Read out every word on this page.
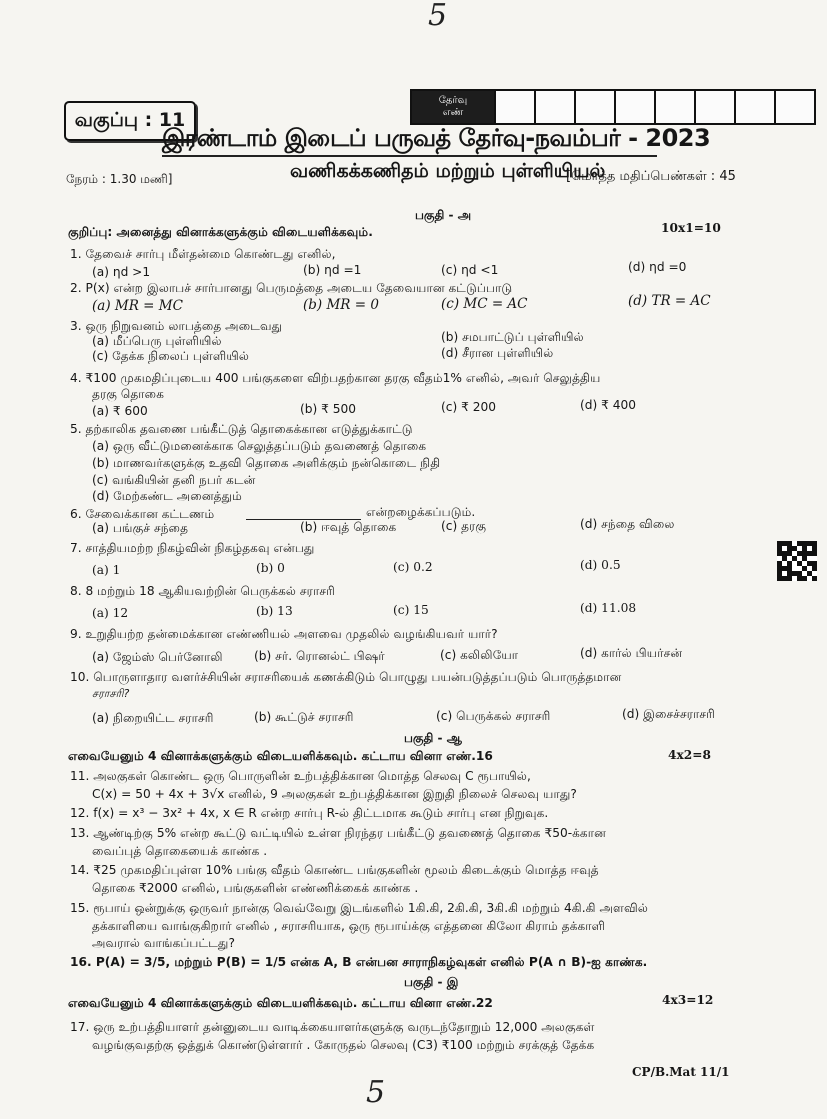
5
வகுப்பு : 11
தேர்வு
எண்
இரண்டாம் இடைப் பருவத் தேர்வு-நவம்பர் - 2023
நேரம் : 1.30 மணி]	வணிகக்கணிதம் மற்றும் புள்ளியியல்
[மொத்த மதிப்பெண்கள் : 45
பகுதி - அ
குறிப்பு: அனைத்து வினாக்களுக்கும் விடையளிக்கவும்.	10x1=10
1. தேவைச் சார்பு மீள்தன்மை கொண்டது எனில்,
(a) ηd >1	(b) ηd =1	(c) ηd <1	(d) ηd =0
2. P(x) என்ற இலாபச் சார்பானது பெருமத்தை அடைய தேவையான கட்டுப்பாடு
(a) MR = MC	(b) MR = 0	(c) MC = AC	(d) TR = AC
3. ஒரு நிறுவனம் லாபத்தை அடைவது
(a) மீப்பெரு புள்ளியில்	(b) சமபாட்டுப் புள்ளியில்
(c) தேக்க நிலைப் புள்ளியில்	(d) சீரான புள்ளியில்
4. ₹100 முகமதிப்புடைய 400 பங்குகளை விற்பதற்கான தரகு வீதம்1% எனில், அவர் செலுத்திய
தரகு தொகை
(a) ₹ 600	(b) ₹ 500	(c) ₹ 200	(d) ₹ 400
5. தற்காலிக தவணை பங்கீட்டுத் தொகைக்கான எடுத்துக்காட்டு
(a) ஒரு வீட்டுமனைக்காக செலுத்தப்படும் தவணைத் தொகை
(b) மாணவர்களுக்கு உதவி தொகை அளிக்கும் நன்கொடை நிதி
(c) வங்கியின் தனி நபர் கடன்
(d) மேற்கண்ட அனைத்தும்
6. சேவைக்கான கட்டணம்	என்றழைக்கப்படும்.
(a) பங்குச் சந்தை	(b) ஈவுத் தொகை	(c) தரகு	(d) சந்தை விலை
7. சாத்தியமற்ற நிகழ்வின் நிகழ்தகவு என்பது
(a) 1	(b) 0	(c) 0.2	(d) 0.5
8. 8 மற்றும் 18 ஆகியவற்றின் பெருக்கல் சராசரி
(a) 12	(b) 13	(c) 15	(d) 11.08
9. உறுதியற்ற தன்மைக்கான எண்ணியல் அளவை முதலில் வழங்கியவர் யார்?
(a) ஜேம்ஸ் பெர்னோலி	(b) சர். ரொனல்ட் பிஷர்	(c) கலிலியோ	(d) கார்ல் பியர்சன்
10. பொருளாதார வளர்ச்சியின் சராசரியைக் கணக்கிடும் பொழுது பயன்படுத்தப்படும் பொருத்தமான
சராசரி?
(a) நிறையிட்ட சராசரி	(b) கூட்டுச் சராசரி	(c) பெருக்கல் சராசரி	(d) இசைச்சராசரி
பகுதி - ஆ
எவையேனும் 4 வினாக்களுக்கும் விடையளிக்கவும். கட்டாய வினா எண்.16	4x2=8
11. அலகுகள் கொண்ட ஒரு பொருளின் உற்பத்திக்கான மொத்த செலவு C ரூபாயில்,
C(x) = 50 + 4x + 3√x எனில், 9 அலகுகள் உற்பத்திக்கான இறுதி நிலைச் செலவு யாது?
12. f(x) = x³ − 3x² + 4x, x ∈ R என்ற சார்பு R-ல் திட்டமாக கூடும் சார்பு என நிறுவுக.
13. ஆண்டிற்கு 5% என்ற கூட்டு வட்டியில் உள்ள நிரந்தர பங்கீட்டு தவணைத் தொகை ₹50-க்கான
வைப்புத் தொகையைக் காண்க .
14. ₹25 முகமதிப்புள்ள 10% பங்கு வீதம் கொண்ட பங்குகளின் மூலம் கிடைக்கும் மொத்த ஈவுத்
தொகை ₹2000 எனில், பங்குகளின் எண்ணிக்கைக் காண்க .
15. ரூபாய் ஒன்றுக்கு ஒருவர் நான்கு வெவ்வேறு இடங்களில் 1கி.கி, 2கி.கி, 3கி.கி மற்றும் 4கி.கி அளவில்
தக்காளியை வாங்குகிறார் எனில் , சராசரியாக, ஒரு ரூபாய்க்கு எத்தனை கிலோ கிராம் தக்காளி
அவரால் வாங்கப்பட்டது?
16. P(A) = 3/5, மற்றும் P(B) = 1/5 என்க A, B என்பன சாராநிகழ்வுகள் எனில் P(A ∩ B)-ஐ காண்க.
பகுதி - இ
எவையேனும் 4 வினாக்களுக்கும் விடையளிக்கவும். கட்டாய வினா எண்.22	4x3=12
17. ஒரு உற்பத்தியாளர் தன்னுடைய வாடிக்கையாளர்களுக்கு வருடந்தோறும் 12,000 அலகுகள்
வழங்குவதற்கு ஒத்துக் கொண்டுள்ளார் . கோருதல் செலவு (C3) ₹100 மற்றும் சரக்குத் தேக்க
CP/B.Mat 11/1
5
